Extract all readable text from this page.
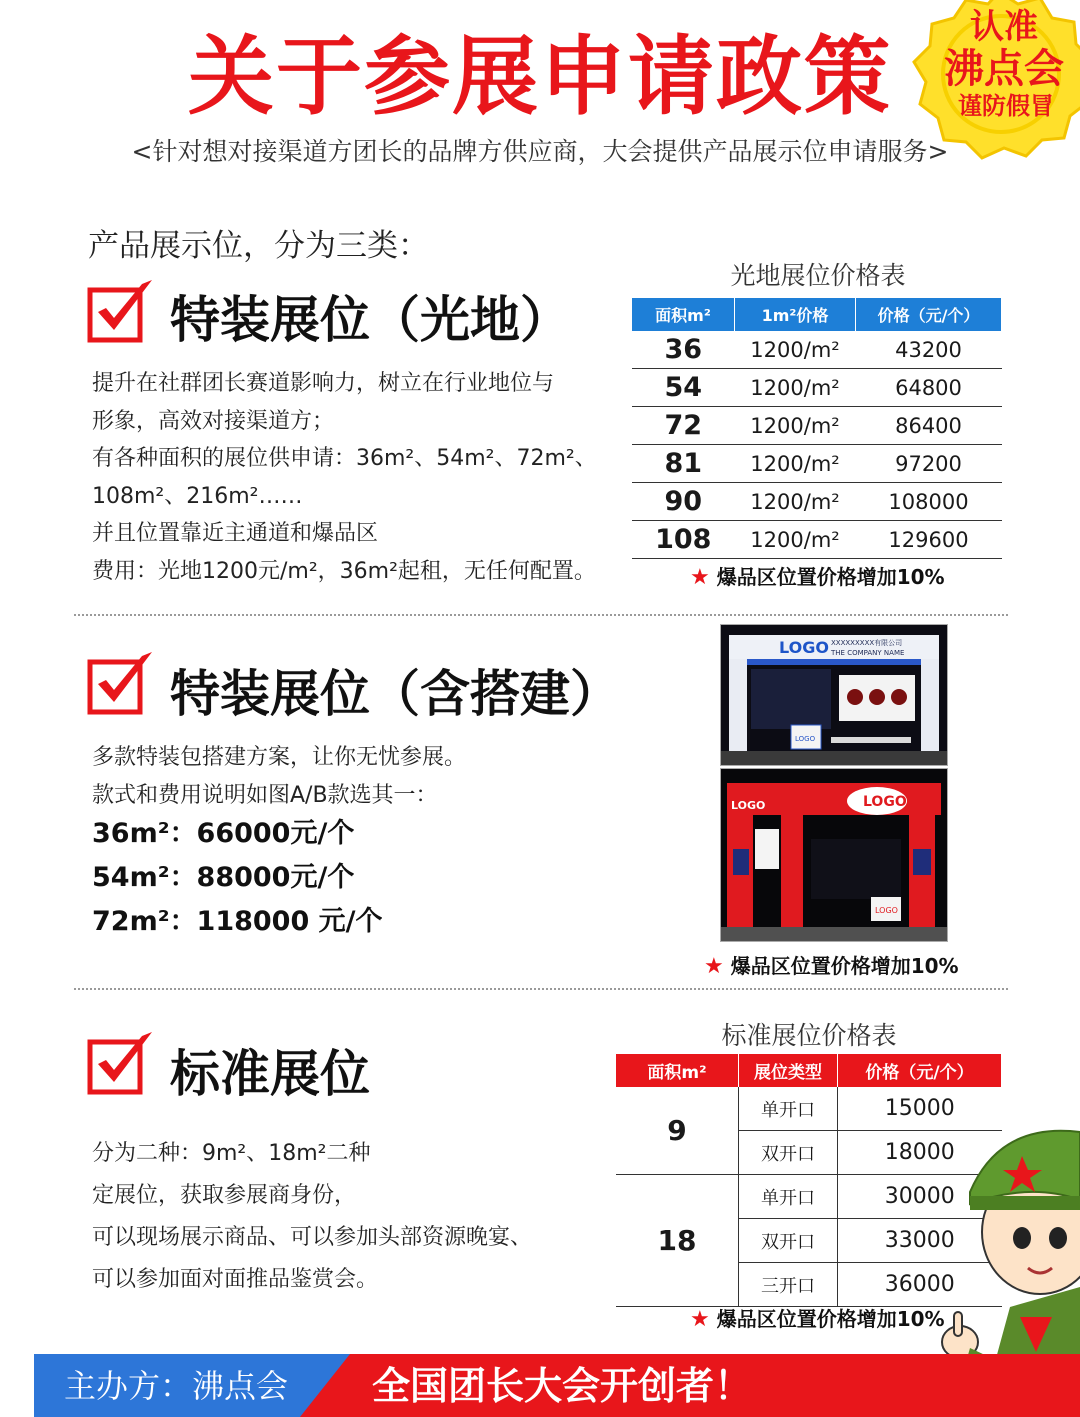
认准
沸点会
谨防假冒
关于参展申请政策
<针对想对接渠道方团长的品牌方供应商，大会提供产品展示位申请服务>
产品展示位，分为三类：
特装展位（光地）
提升在社群团长赛道影响力，树立在行业地位与
形象，高效对接渠道方；
有各种面积的展位供申请：36m²、54m²、72m²、
108m²、216m²……
并且位置靠近主通道和爆品区
费用：光地1200元/m²，36m²起租，无任何配置。
光地展位价格表
面积m²	1m²价格	价格（元/个）
36	1200/m²	43200
54	1200/m²	64800
72	1200/m²	86400
81	1200/m²	97200
90	1200/m²	108000
108	1200/m²	129600
★ 爆品区位置价格增加10%
特装展位（含搭建）
多款特装包搭建方案，让你无忧参展。
款式和费用说明如图A/B款选其一：
36m²：66000元/个
54m²：88000元/个
72m²：118000 元/个
LOGO XXXXXXXXX有限公司
THE COMPANY NAME
LOGO
LOGO	LOGO
LOGO
★ 爆品区位置价格增加10%
标准展位
分为二种：9m²、18m²二种
定展位，获取参展商身份，
可以现场展示商品、可以参加头部资源晚宴、
可以参加面对面推品鉴赏会。
标准展位价格表
面积m²	展位类型	价格（元/个）
9	单开口	15000
	双开口	18000
18	单开口	30000
	双开口	33000
	三开口	36000
★ 爆品区位置价格增加10%
主办方：沸点会 全国团长大会开创者！
